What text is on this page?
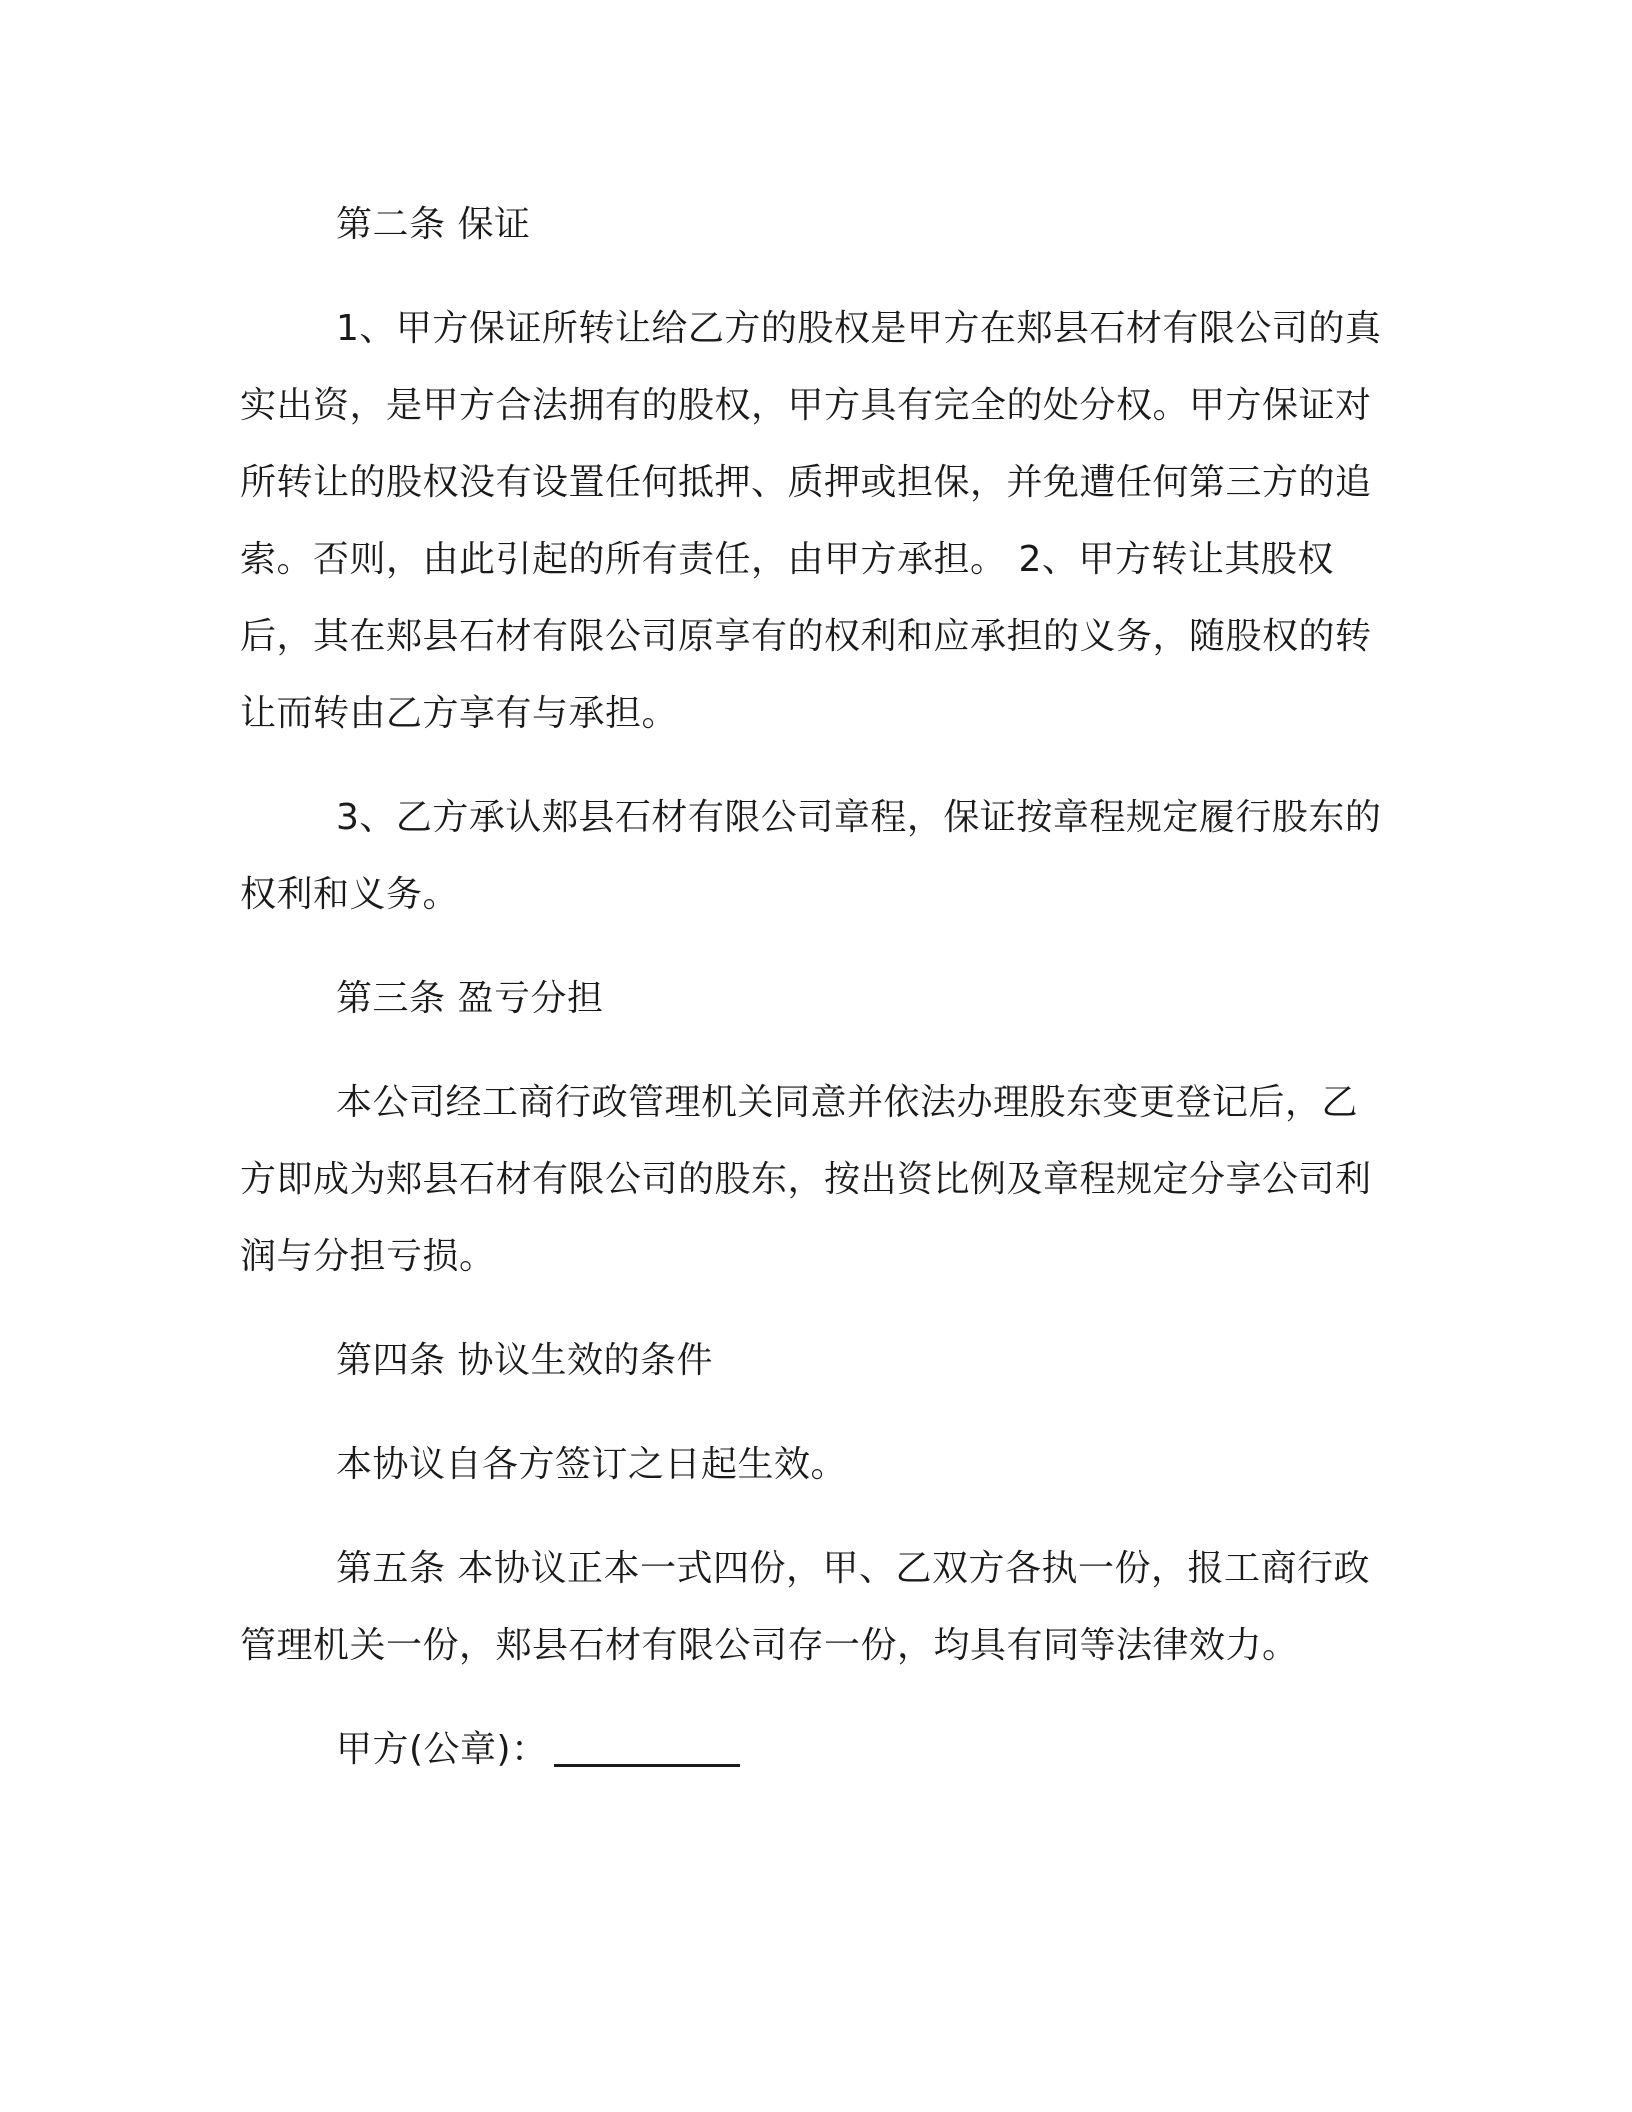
第二条 保证

1、甲方保证所转让给乙方的股权是甲方在郏县石材有限公司的真实出资，是甲方合法拥有的股权，甲方具有完全的处分权。甲方保证对所转让的股权没有设置任何抵押、质押或担保，并免遭任何第三方的追索。否则，由此引起的所有责任，由甲方承担。 2、甲方转让其股权后，其在郏县石材有限公司原享有的权利和应承担的义务，随股权的转让而转由乙方享有与承担。

3、乙方承认郏县石材有限公司章程，保证按章程规定履行股东的权利和义务。

第三条 盈亏分担

本公司经工商行政管理机关同意并依法办理股东变更登记后，乙方即成为郏县石材有限公司的股东，按出资比例及章程规定分享公司利润与分担亏损。

第四条 协议生效的条件

本协议自各方签订之日起生效。

第五条 本协议正本一式四份，甲、乙双方各执一份，报工商行政管理机关一份，郏县石材有限公司存一份，均具有同等法律效力。

甲方(公章)：
